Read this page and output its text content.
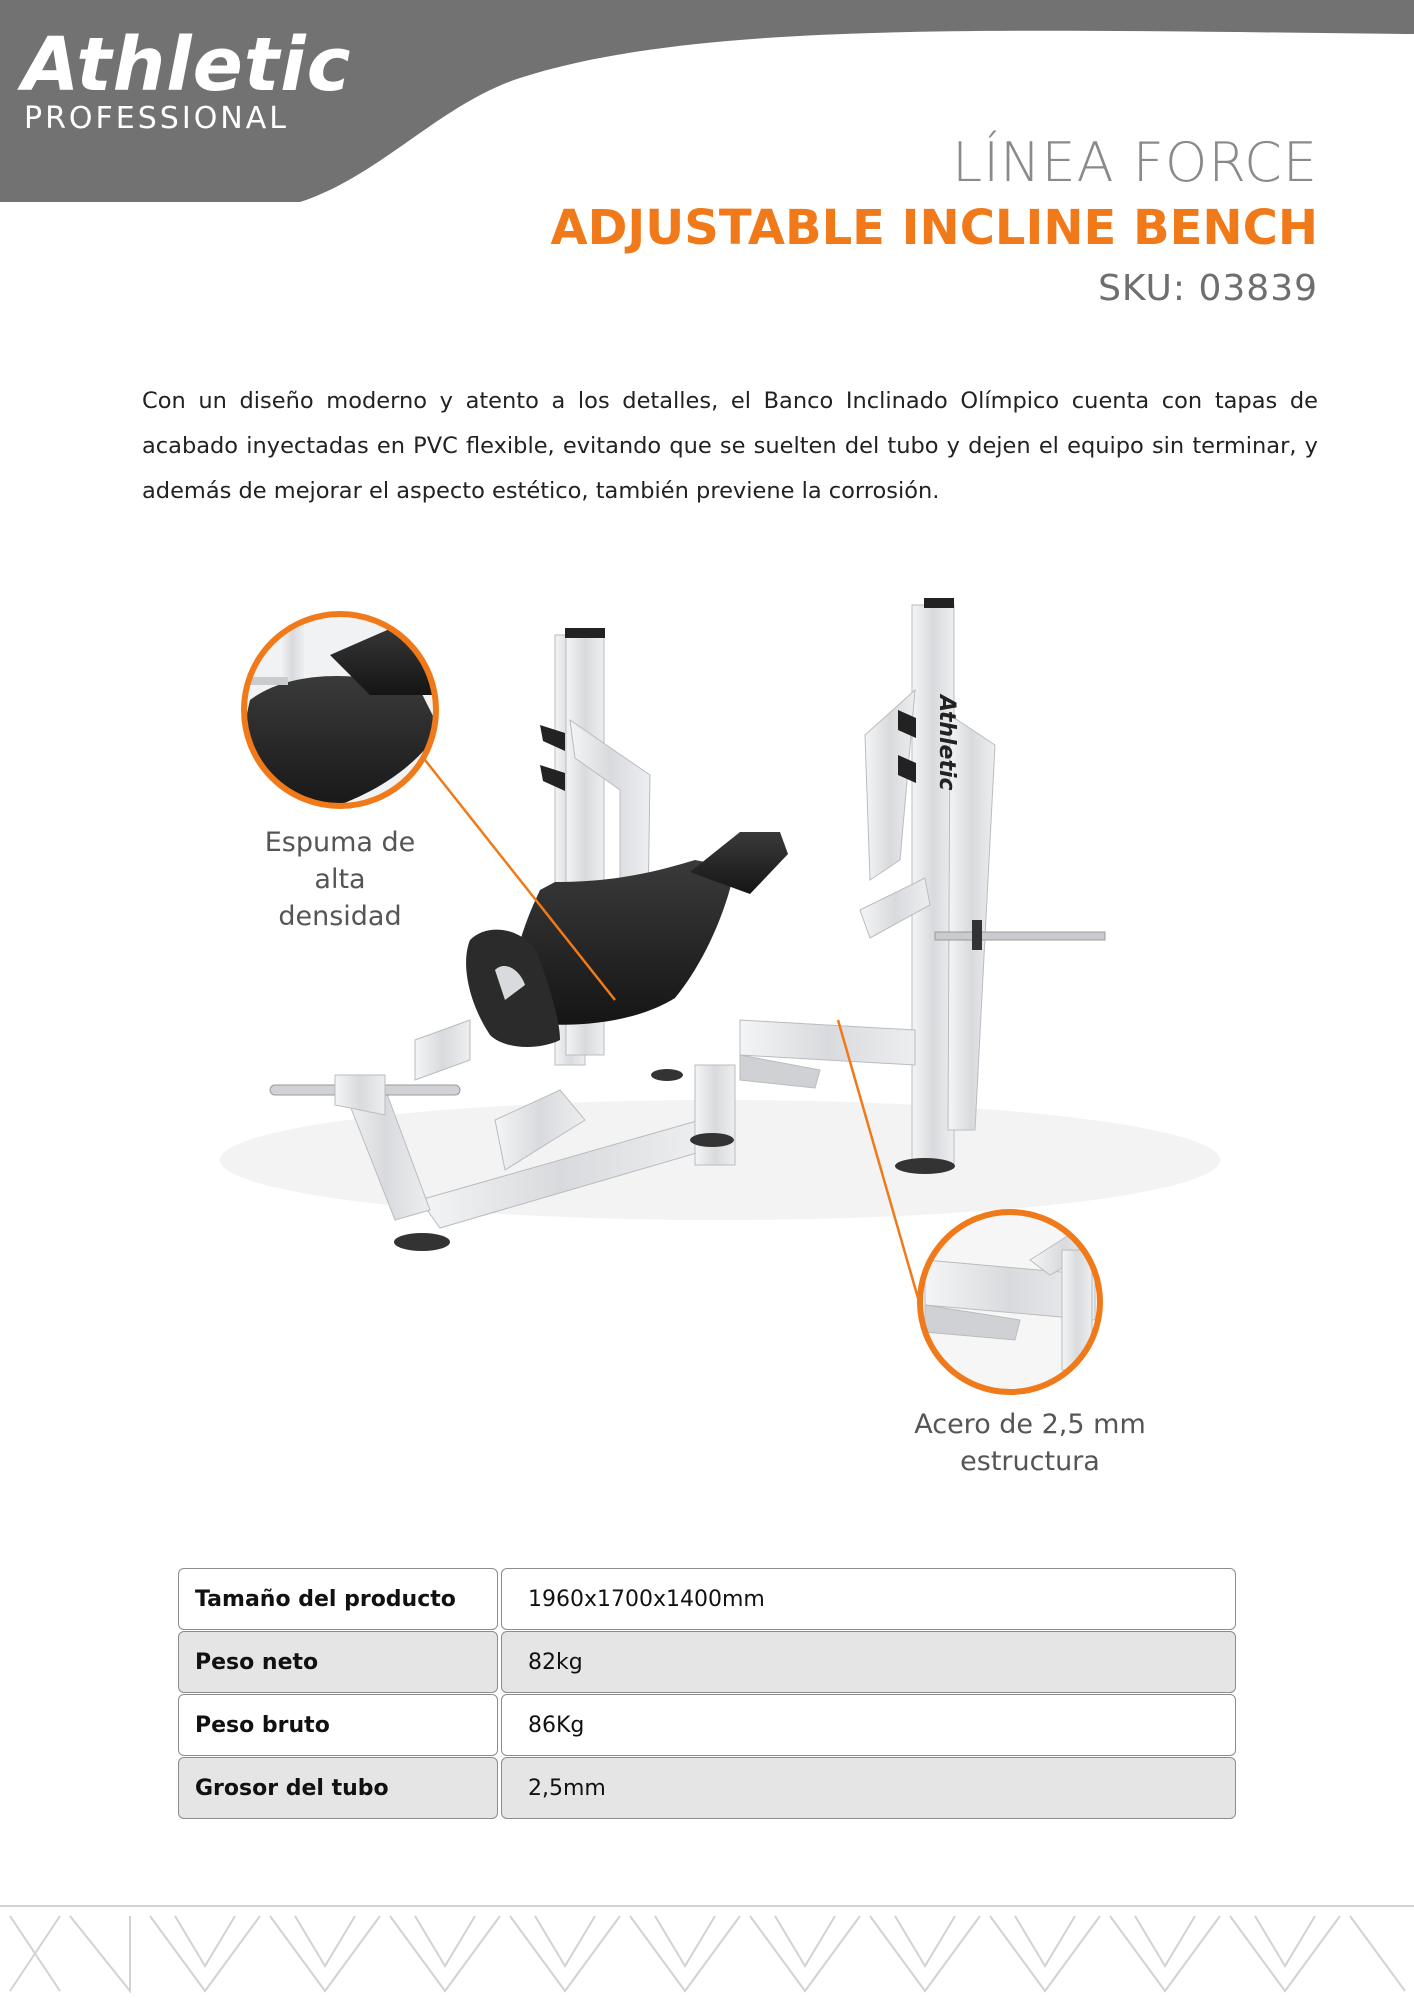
Athletic
PROFESSIONAL
LÍNEA FORCE
ADJUSTABLE INCLINE BENCH
SKU: 03839

Con un diseño moderno y atento a los detalles, el Banco Inclinado Olímpico cuenta con tapas de acabado inyectadas en PVC flexible, evitando que se suelten del tubo y dejen el equipo sin terminar, y además de mejorar el aspecto estético, también previene la corrosión.

Athletic
Espuma de
alta
densidad
Acero de 2,5 mm
estructura
Tamaño del producto	1960x1700x1400mm
Peso neto	82kg
Peso bruto	86Kg
Grosor del tubo	2,5mm
